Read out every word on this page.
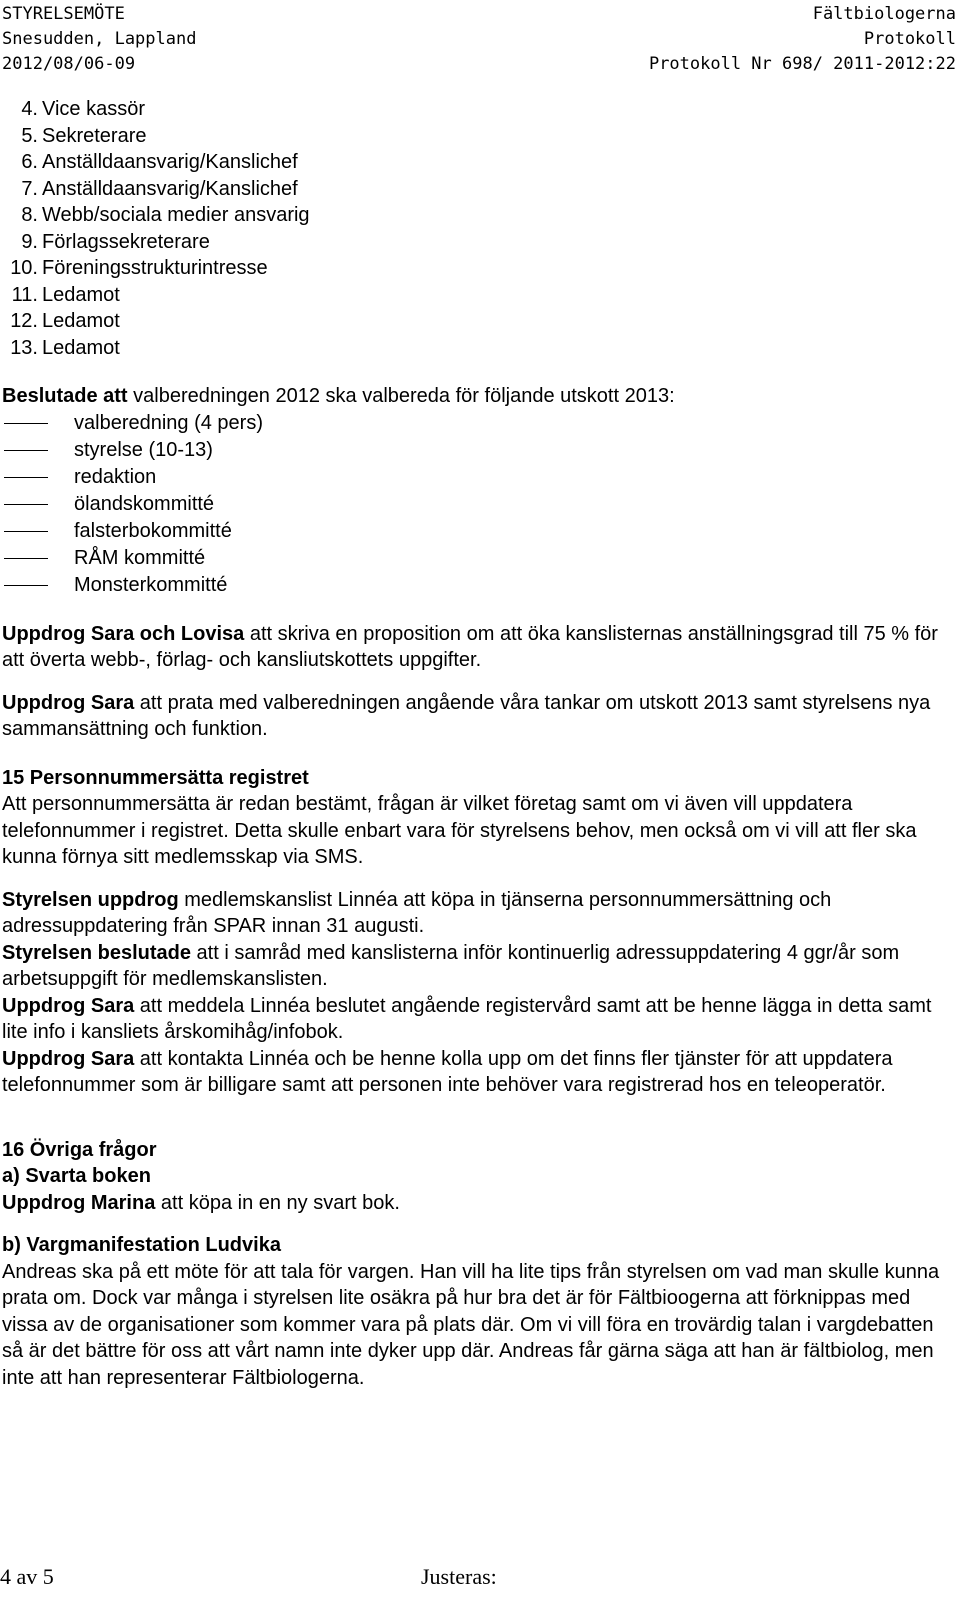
STYRELSEMÖTE
Snesudden, Lappland
2012/08/06-09
Fältbiologerna
Protokoll
Protokoll Nr 698/ 2011-2012:22
4. Vice kassör
5. Sekreterare
6. Anställdaansvarig/Kanslichef
7. Anställdaansvarig/Kanslichef
8. Webb/sociala medier ansvarig
9. Förlagssekreterare
10. Föreningsstrukturintresse
11. Ledamot
12. Ledamot
13. Ledamot

Beslutade att valberedningen 2012 ska valbereda för följande utskott 2013:

valberedning (4 pers)
styrelse (10-13)
redaktion
ölandskommitté
falsterbokommitté
RÅM kommitté
Monsterkommitté

Uppdrog Sara och Lovisa att skriva en proposition om att öka kanslisternas anställningsgrad till 75 % för att överta webb-, förlag- och kansliutskottets uppgifter.

Uppdrog Sara att prata med valberedningen angående våra tankar om utskott 2013 samt styrelsens nya sammansättning och funktion.

15 Personnummersätta registret

Att personnummersätta är redan bestämt, frågan är vilket företag samt om vi även vill uppdatera telefonnummer i registret. Detta skulle enbart vara för styrelsens behov, men också om vi vill att fler ska kunna förnya sitt medlemsskap via SMS.

Styrelsen uppdrog medlemskanslist Linnéa att köpa in tjänserna personnummersättning och adressuppdatering från SPAR innan 31 augusti.

Styrelsen beslutade att i samråd med kanslisterna inför kontinuerlig adressuppdatering 4 ggr/år som arbetsuppgift för medlemskanslisten.

Uppdrog Sara att meddela Linnéa beslutet angående registervård samt att be henne lägga in detta samt lite info i kansliets årskomihåg/infobok.

Uppdrog Sara att kontakta Linnéa och be henne kolla upp om det finns fler tjänster för att uppdatera telefonnummer som är billigare samt att personen inte behöver vara registrerad hos en teleoperatör.

16 Övriga frågor

a) Svarta boken

Uppdrog Marina att köpa in en ny svart bok.

b) Vargmanifestation Ludvika

Andreas ska på ett möte för att tala för vargen. Han vill ha lite tips från styrelsen om vad man skulle kunna prata om. Dock var många i styrelsen lite osäkra på hur bra det är för Fältbioogerna att förknippas med vissa av de organisationer som kommer vara på plats där. Om vi vill föra en trovärdig talan i vargdebatten så är det bättre för oss att vårt namn inte dyker upp där. Andreas får gärna säga att han är fältbiolog, men inte att han representerar Fältbiologerna.

4 av 5	Justeras:
